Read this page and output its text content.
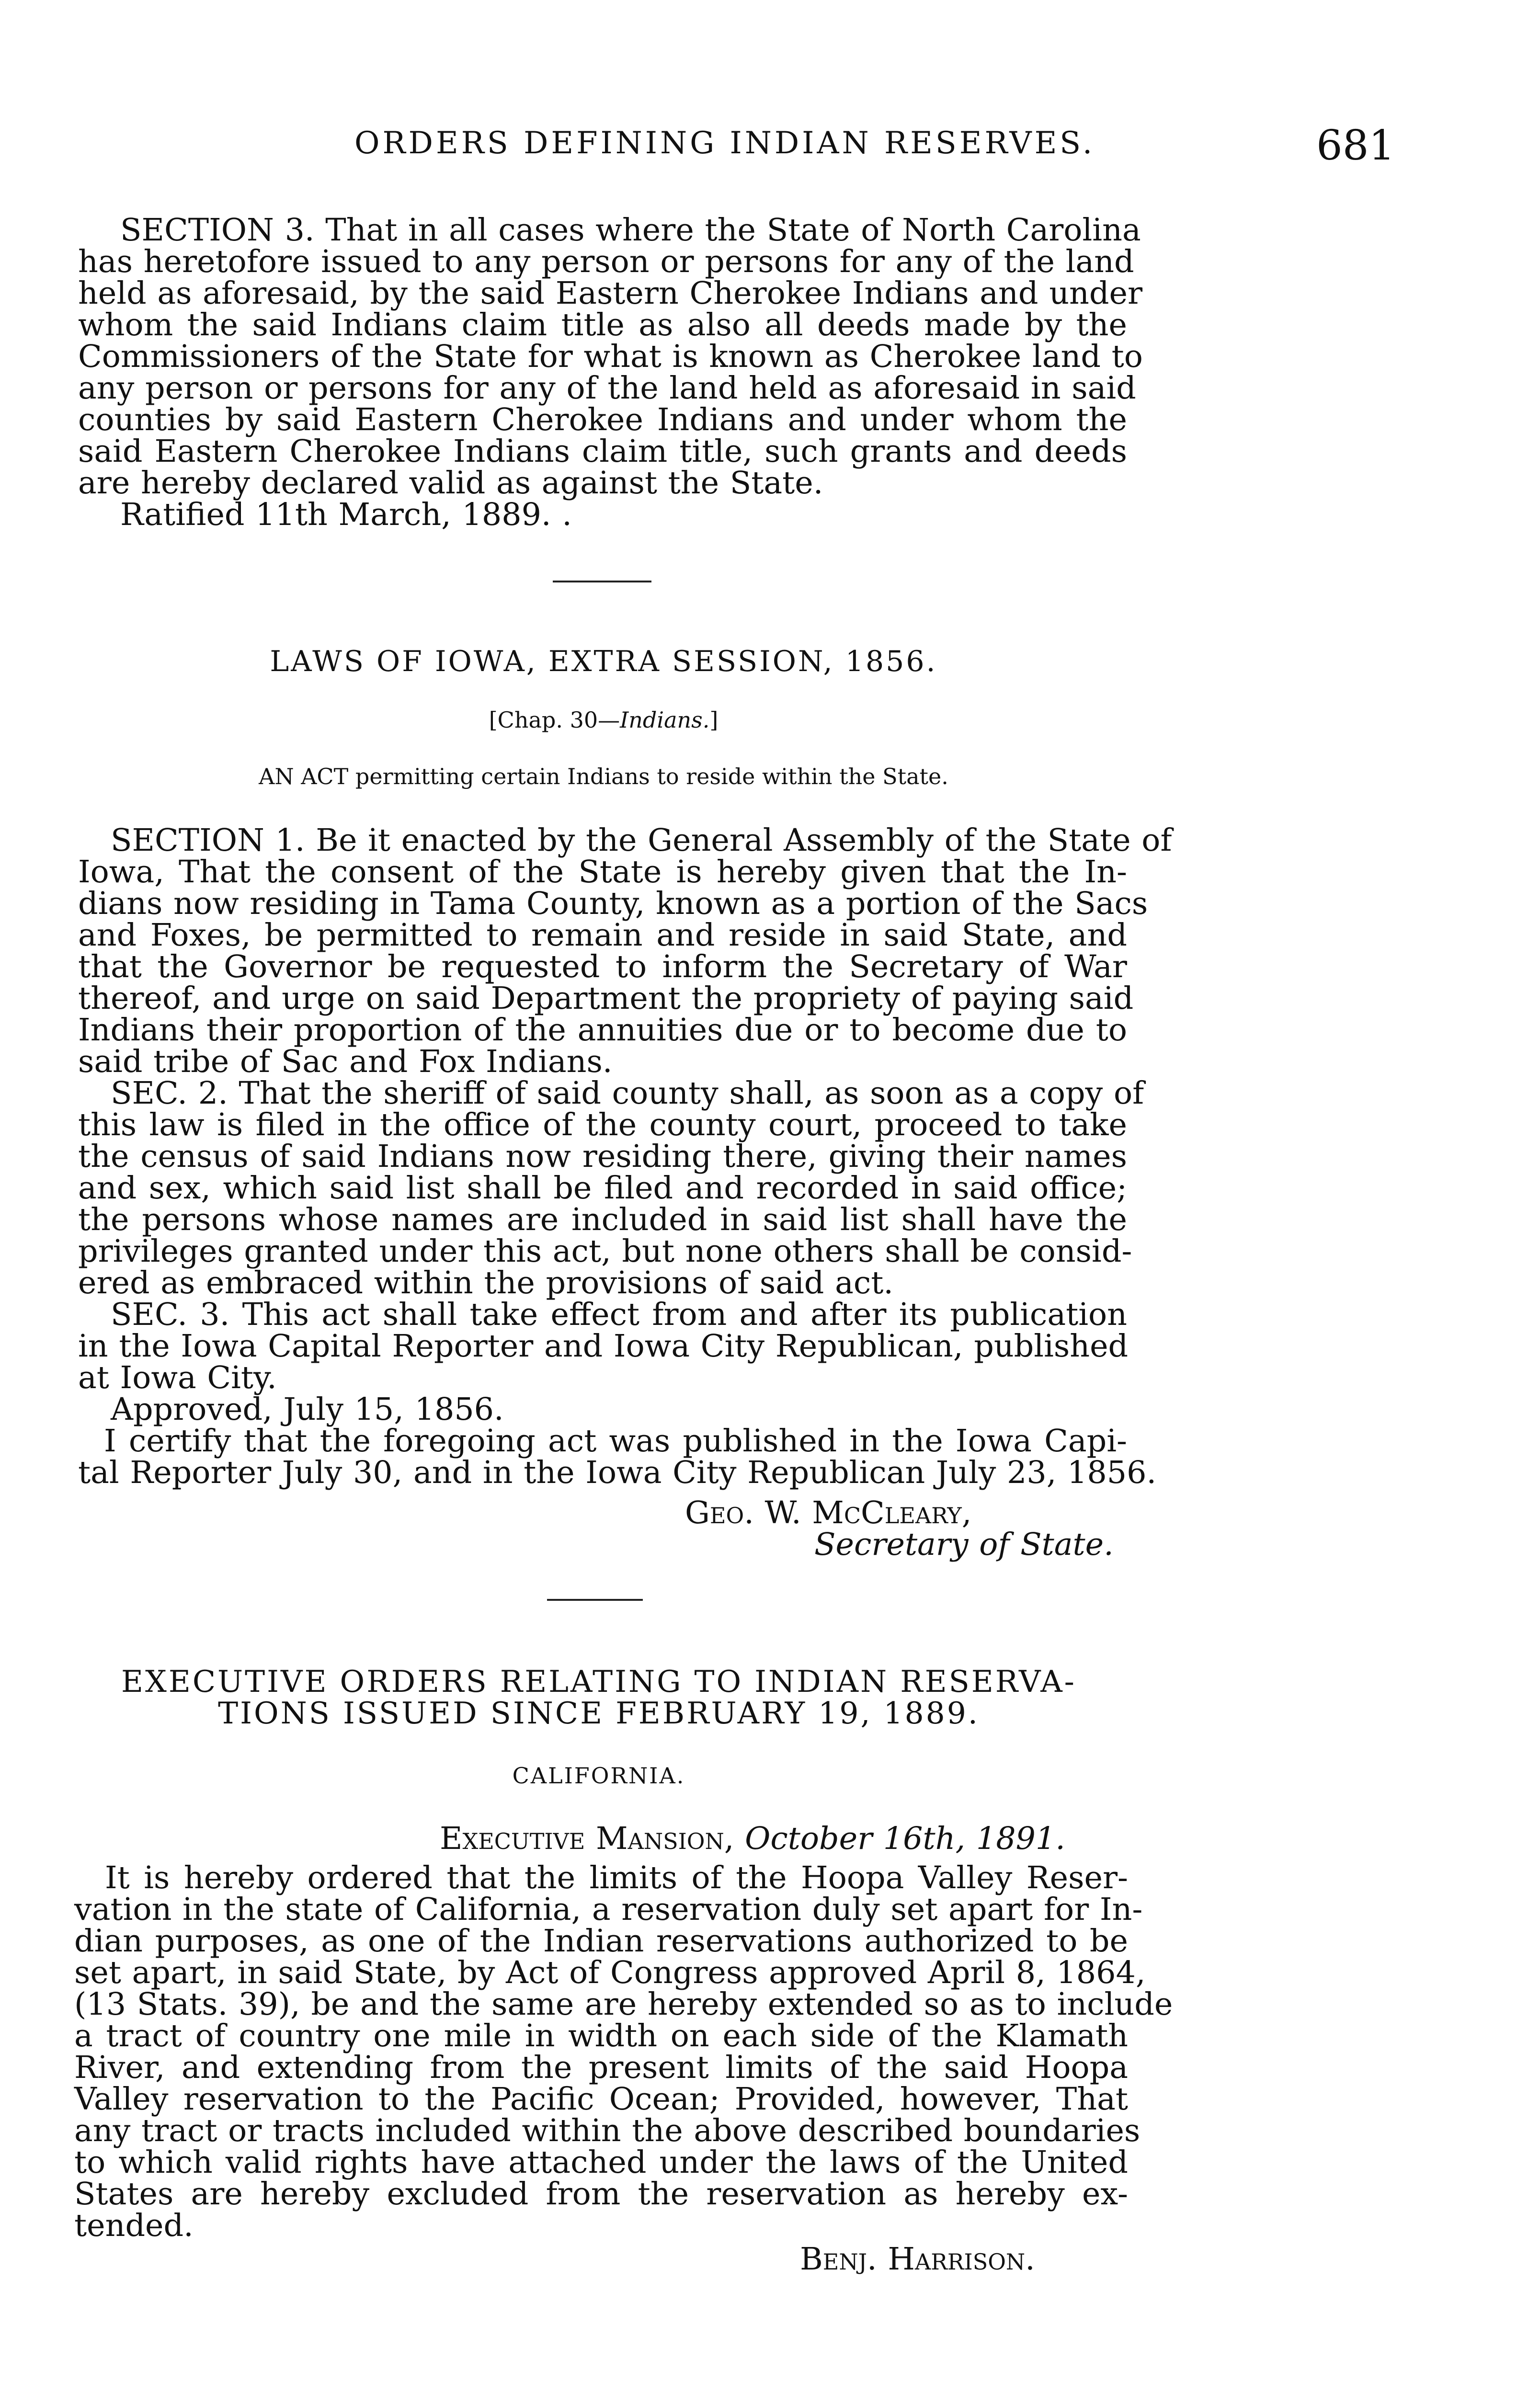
ORDERS DEFINING INDIAN RESERVES.	681
SECTION 3. That in all cases where the State of North Carolina
has heretofore issued to any person or persons for any of the land
held as aforesaid, by the said Eastern Cherokee Indians and under
whom the said Indians claim title as also all deeds made by the
Commissioners of the State for what is known as Cherokee land to
any person or persons for any of the land held as aforesaid in said
counties by said Eastern Cherokee Indians and under whom the
said Eastern Cherokee Indians claim title, such grants and deeds
are hereby declared valid as against the State.
Ratified 11th March, 1889. .
LAWS OF IOWA, EXTRA SESSION, 1856.
[Chap. 30—Indians.]
AN ACT permitting certain Indians to reside within the State.
SECTION 1. Be it enacted by the General Assembly of the State of
Iowa, That the consent of the State is hereby given that the In-
dians now residing in Tama County, known as a portion of the Sacs
and Foxes, be permitted to remain and reside in said State, and
that the Governor be requested to inform the Secretary of War
thereof, and urge on said Department the propriety of paying said
Indians their proportion of the annuities due or to become due to
said tribe of Sac and Fox Indians.
SEC. 2. That the sheriff of said county shall, as soon as a copy of
this law is filed in the office of the county court, proceed to take
the census of said Indians now residing there, giving their names
and sex, which said list shall be filed and recorded in said office;
the persons whose names are included in said list shall have the
privileges granted under this act, but none others shall be consid-
ered as embraced within the provisions of said act.
SEC. 3. This act shall take effect from and after its publication
in the Iowa Capital Reporter and Iowa City Republican, published
at Iowa City.
Approved, July 15, 1856.
I certify that the foregoing act was published in the Iowa Capi-
tal Reporter July 30, and in the Iowa City Republican July 23, 1856.
Geo. W. McCleary,
Secretary of State.
EXECUTIVE ORDERS RELATING TO INDIAN RESERVA-
TIONS ISSUED SINCE FEBRUARY 19, 1889.
CALIFORNIA.
Executive Mansion, October 16th, 1891.
It is hereby ordered that the limits of the Hoopa Valley Reser-
vation in the state of California, a reservation duly set apart for In-
dian purposes, as one of the Indian reservations authorized to be
set apart, in said State, by Act of Congress approved April 8, 1864,
(13 Stats. 39), be and the same are hereby extended so as to include
a tract of country one mile in width on each side of the Klamath
River, and extending from the present limits of the said Hoopa
Valley reservation to the Pacific Ocean; Provided, however, That
any tract or tracts included within the above described boundaries
to which valid rights have attached under the laws of the United
States are hereby excluded from the reservation as hereby ex-
tended.
Benj. Harrison.
